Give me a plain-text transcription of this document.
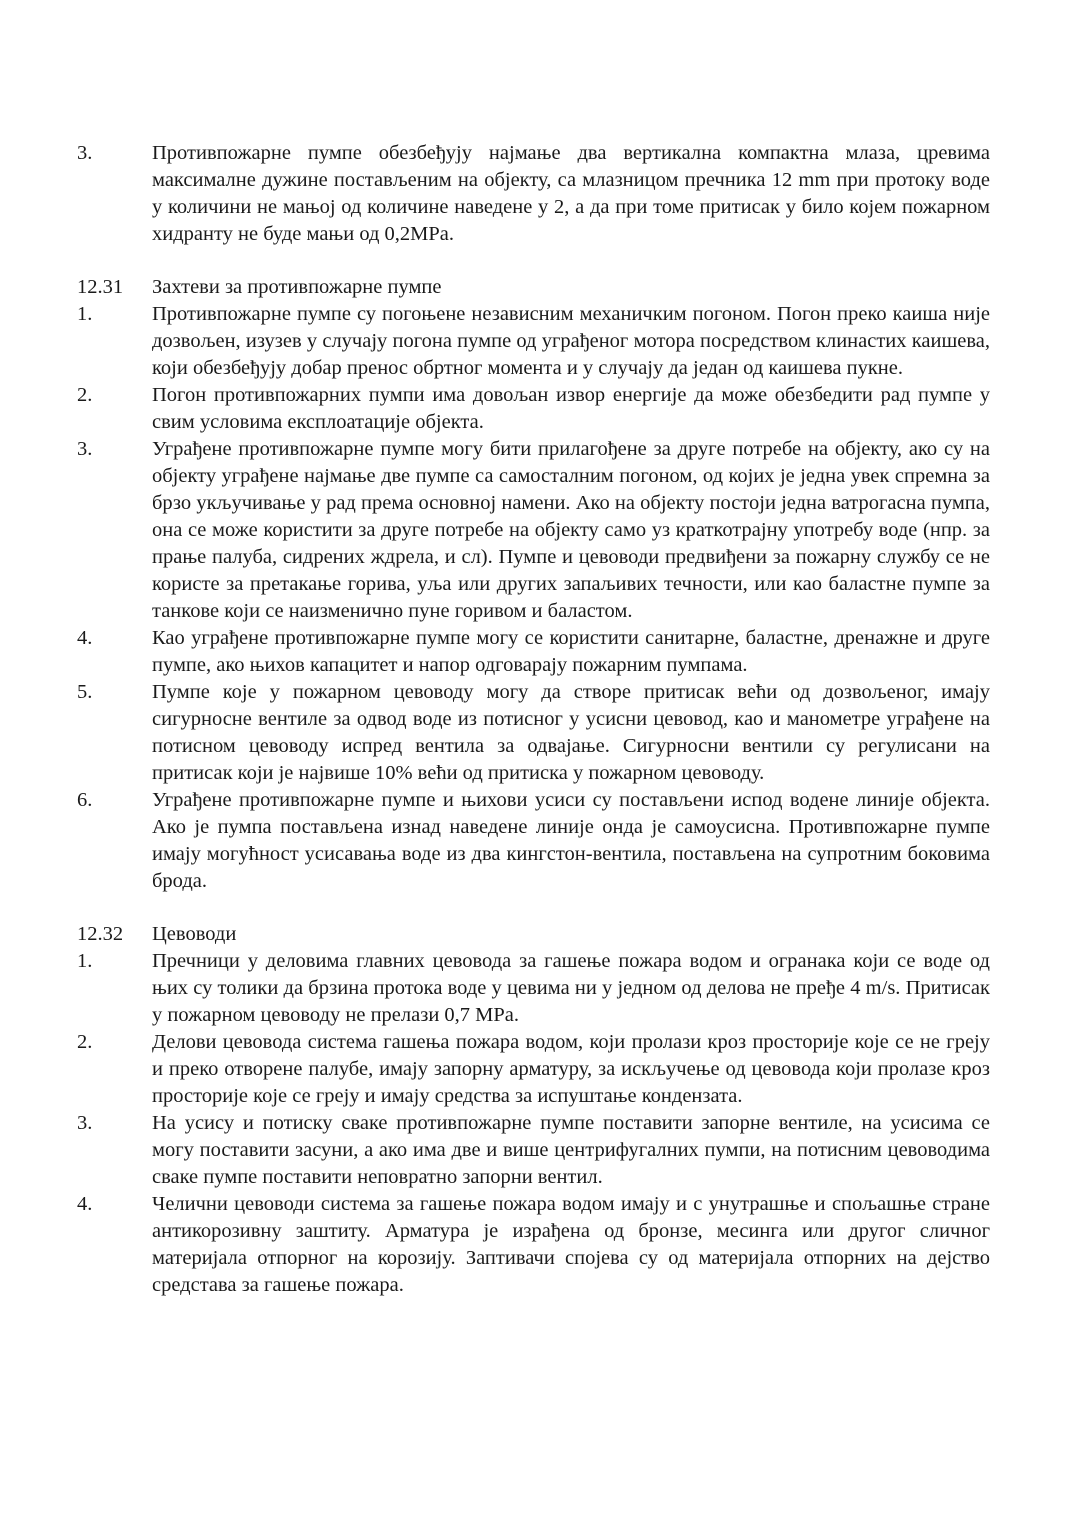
3.	Противпожарне пумпе обезбеђују најмање два вертикална компактна млаза, цревима максималне дужине постављеним на објекту, са млазницом пречника 12 mm при протоку воде у количини не мањој од количине наведене у 2, а да при томе притисак у било којем пожарном хидранту не буде мањи од 0,2MPa.
12.31	Захтеви за противпожарне пумпе
1.	Противпожарне пумпе су погоњене независним механичким погоном. Погон преко каиша није дозвољен, изузев у случају погона пумпе од уграђеног мотора посредством клинастих каишева, који обезбеђују добар пренос обртног момента и у случају да један од каишева пукне.
2.	Погон противпожарних пумпи има довољан извор енергије да може обезбедити рад пумпе у свим условима експлоатације објекта.
3.	Уграђене противпожарне пумпе могу бити прилагођене за друге потребе на објекту, ако су на објекту уграђене најмање две пумпе са самосталним погоном, од којих је једна увек спремна за брзо укључивање у рад према основној намени. Ако на објекту постоји једна ватрогасна пумпа, она се може користити за друге потребе на објекту само уз краткотрајну употребу воде (нпр. за прање палуба, сидрених ждрела, и сл). Пумпе и цевоводи предвиђени за пожарну службу се не користе за претакање горива, уља или других запаљивих течности, или као баластне пумпе за танкове који се наизменично пуне горивом и баластом.
4.	Као уграђене противпожарне пумпе могу се користити санитарне, баластне, дренажне и друге пумпе, ако њихов капацитет и напор одговарају пожарним пумпама.
5.	Пумпе које у пожарном цевоводу могу да створе притисак већи од дозвољеног, имају сигурносне вентиле за одвод воде из потисног у усисни цевовод, као и манометре уграђене на потисном цевоводу испред вентила за одвајање. Сигурносни вентили су регулисани на притисак који је највише 10% већи од притиска у пожарном цевоводу.
6.	Уграђене противпожарне пумпе и њихови усиси су постављени испод водене линије објекта. Ако је пумпа постављена изнад наведене линије онда је самоусисна. Противпожарне пумпе имају могућност усисавања воде из два кингстон-вентила, постављена на супротним боковима брода.
12.32	Цевоводи
1.	Пречници у деловима главних цевовода за гашење пожара водом и огранака који се воде од њих су толики да брзина протока воде у цевима ни у једном од делова не пређе 4 m/s. Притисак у пожарном цевоводу не прелази 0,7 MPa.
2.	Делови цевовода система гашења пожара водом, који пролази кроз просторије које се не греју и преко отворене палубе, имају запорну арматуру, за искључење од цевовода који пролазе кроз просторије које се греју и имају средства за испуштање кондензата.
3.	На усису и потиску сваке противпожарне пумпе поставити запорне вентиле, на усисима се могу поставити засуни, а ако има две и више центрифугалних пумпи, на потисним цевоводима сваке пумпе поставити неповратно запорни вентил.
4.	Челични цевоводи система за гашење пожара водом имају и с унутрашње и спољашње стране антикорозивну заштиту. Арматура је израђена од бронзе, месинга или другог сличног материјала отпорног на корозију. Заптивачи спојева су од материјала отпорних на дејство средстава за гашење пожара.
